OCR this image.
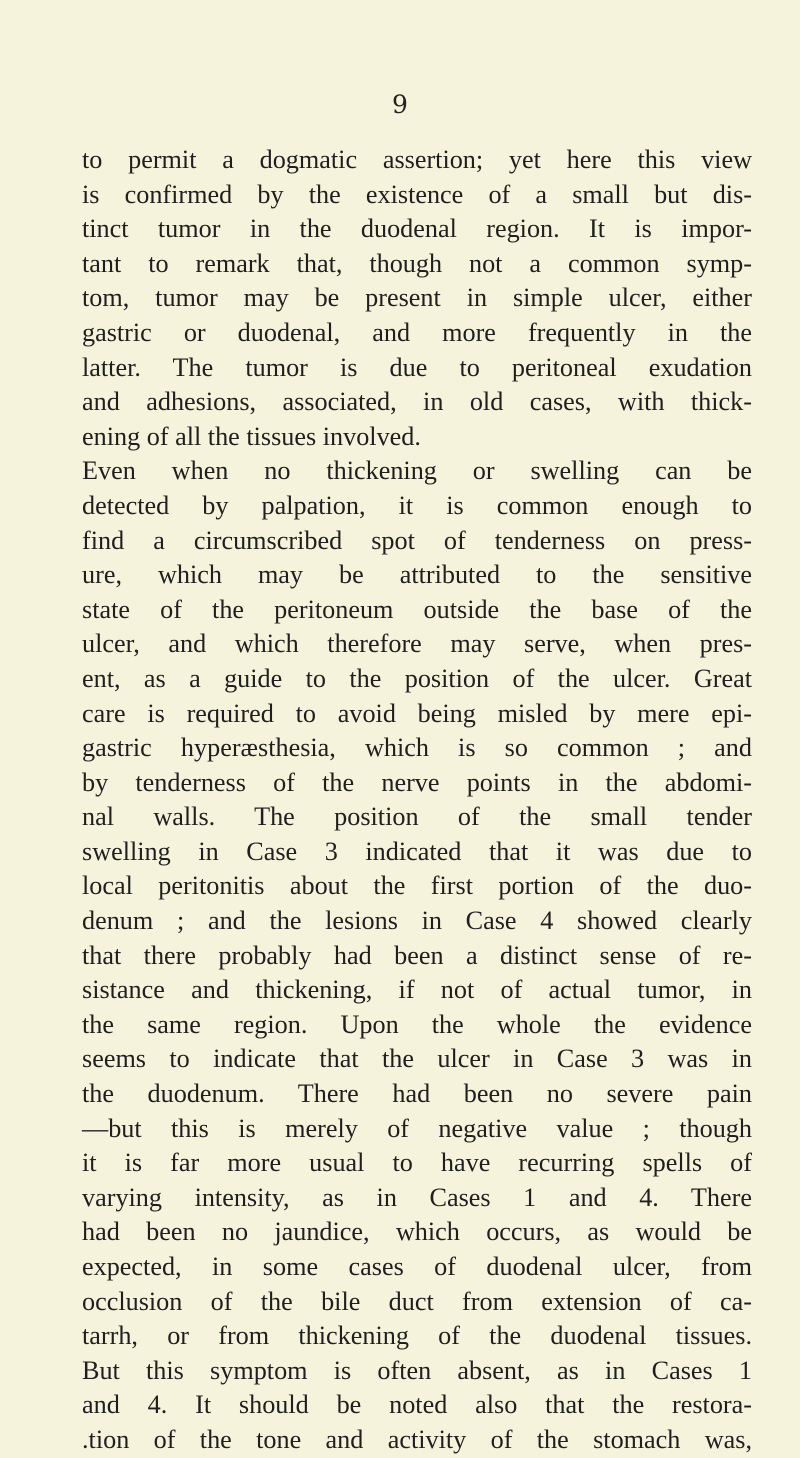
9
to permit a dogmatic assertion; yet here this view
is confirmed by the existence of a small but dis-
tinct tumor in the duodenal region. It is impor-
tant to remark that, though not a common symp-
tom, tumor may be present in simple ulcer, either
gastric or duodenal, and more frequently in the
latter. The tumor is due to peritoneal exudation
and adhesions, associated, in old cases, with thick-
ening of all the tissues involved.
Even when no thickening or swelling can be
detected by palpation, it is common enough to
find a circumscribed spot of tenderness on press-
ure, which may be attributed to the sensitive
state of the peritoneum outside the base of the
ulcer, and which therefore may serve, when pres-
ent, as a guide to the position of the ulcer. Great
care is required to avoid being misled by mere epi-
gastric hyperæsthesia, which is so common ; and
by tenderness of the nerve points in the abdomi-
nal walls. The position of the small tender
swelling in Case 3 indicated that it was due to
local peritonitis about the first portion of the duo-
denum ; and the lesions in Case 4 showed clearly
that there probably had been a distinct sense of re-
sistance and thickening, if not of actual tumor, in
the same region. Upon the whole the evidence
seems to indicate that the ulcer in Case 3 was in
the duodenum. There had been no severe pain
—but this is merely of negative value ; though
it is far more usual to have recurring spells of
varying intensity, as in Cases 1 and 4. There
had been no jaundice, which occurs, as would be
expected, in some cases of duodenal ulcer, from
occlusion of the bile duct from extension of ca-
tarrh, or from thickening of the duodenal tissues.
But this symptom is often absent, as in Cases 1
and 4. It should be noted also that the restora-
.tion of the tone and activity of the stomach was,
